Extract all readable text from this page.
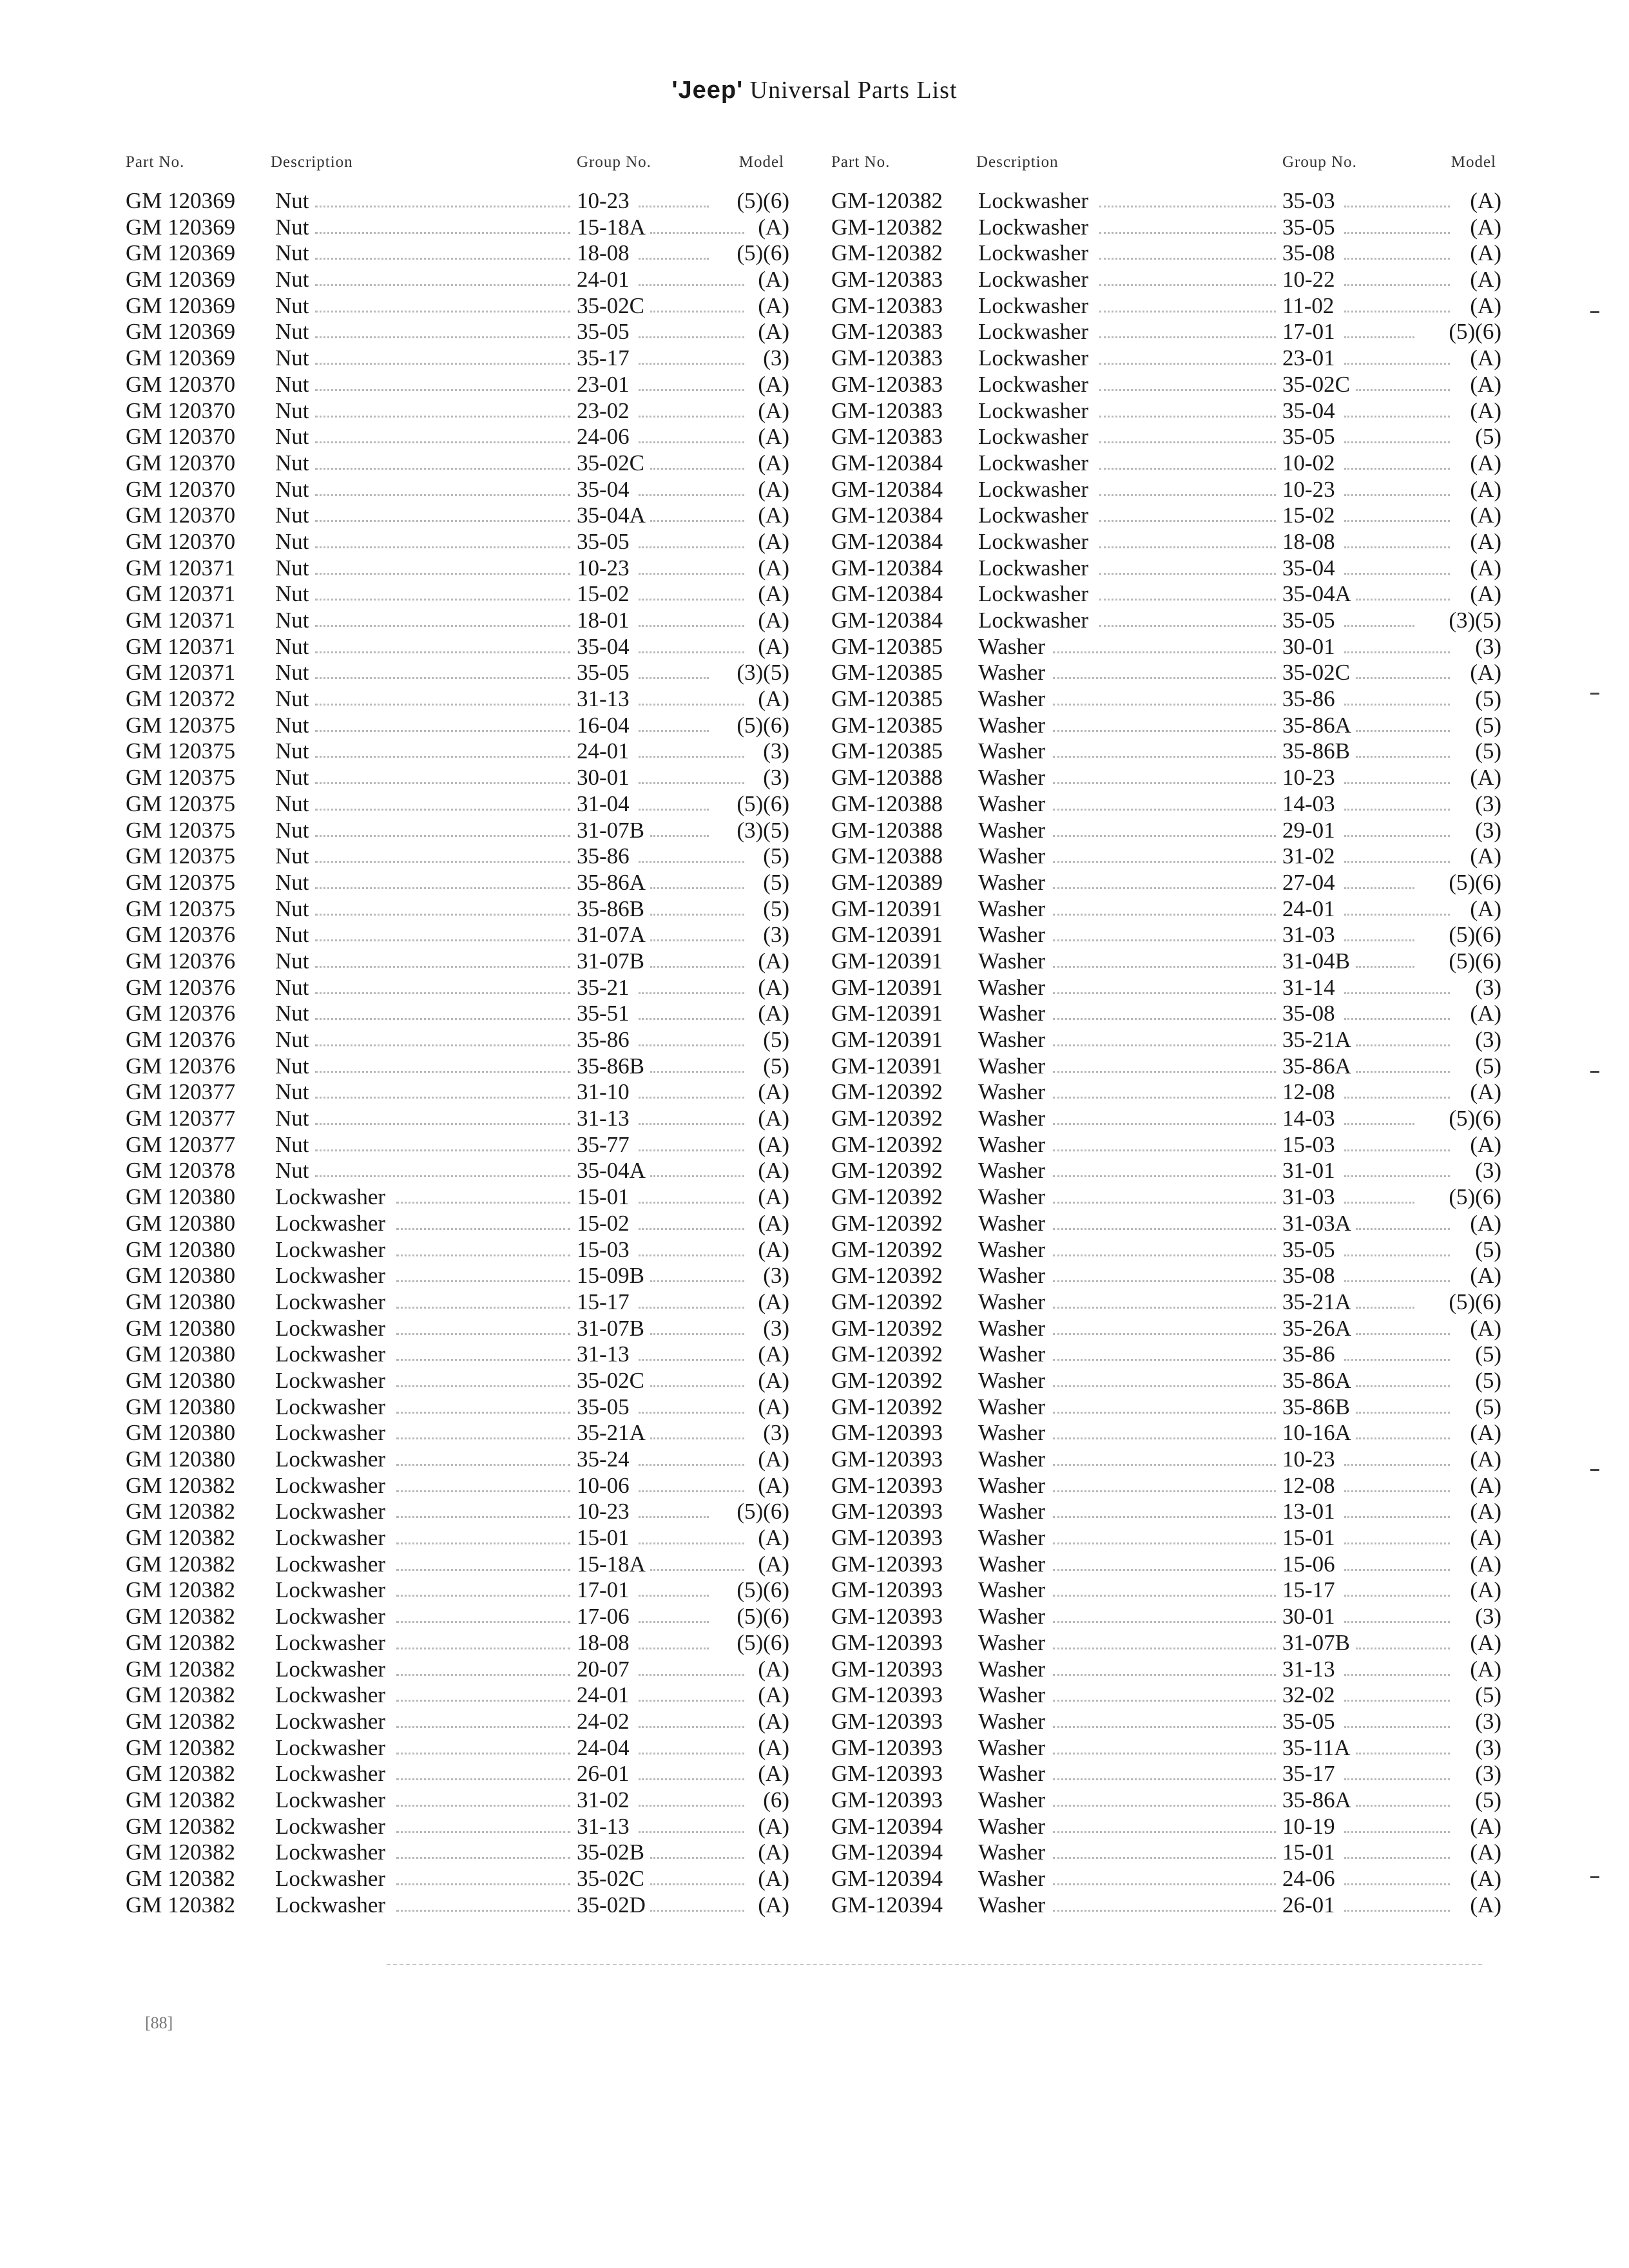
'Jeep' Universal Parts List
Part No.	Description	Group No.	Model
GM 120369 Nut	10-23	(5)(6)
GM 120369 Nut	15-18A	(A)
GM 120369 Nut	18-08	(5)(6)
GM 120369 Nut	24-01	(A)
GM 120369 Nut	35-02C	(A)
GM 120369 Nut	35-05	(A)
GM 120369 Nut	35-17	(3)
GM 120370 Nut	23-01	(A)
GM 120370 Nut	23-02	(A)
GM 120370 Nut	24-06	(A)
GM 120370 Nut	35-02C	(A)
GM 120370 Nut	35-04	(A)
GM 120370 Nut	35-04A	(A)
GM 120370 Nut	35-05	(A)
GM 120371 Nut	10-23	(A)
GM 120371 Nut	15-02	(A)
GM 120371 Nut	18-01	(A)
GM 120371 Nut	35-04	(A)
GM 120371 Nut	35-05	(3)(5)
GM 120372 Nut	31-13	(A)
GM 120375 Nut	16-04	(5)(6)
GM 120375 Nut	24-01	(3)
GM 120375 Nut	30-01	(3)
GM 120375 Nut	31-04	(5)(6)
GM 120375 Nut	31-07B	(3)(5)
GM 120375 Nut	35-86	(5)
GM 120375 Nut	35-86A	(5)
GM 120375 Nut	35-86B	(5)
GM 120376 Nut	31-07A	(3)
GM 120376 Nut	31-07B	(A)
GM 120376 Nut	35-21	(A)
GM 120376 Nut	35-51	(A)
GM 120376 Nut	35-86	(5)
GM 120376 Nut	35-86B	(5)
GM 120377 Nut	31-10	(A)
GM 120377 Nut	31-13	(A)
GM 120377 Nut	35-77	(A)
GM 120378 Nut	35-04A	(A)
GM 120380 Lockwasher	15-01	(A)
GM 120380 Lockwasher	15-02	(A)
GM 120380 Lockwasher	15-03	(A)
GM 120380 Lockwasher	15-09B	(3)
GM 120380 Lockwasher	15-17	(A)
GM 120380 Lockwasher	31-07B	(3)
GM 120380 Lockwasher	31-13	(A)
GM 120380 Lockwasher	35-02C	(A)
GM 120380 Lockwasher	35-05	(A)
GM 120380 Lockwasher	35-21A	(3)
GM 120380 Lockwasher	35-24	(A)
GM 120382 Lockwasher	10-06	(A)
GM 120382 Lockwasher	10-23	(5)(6)
GM 120382 Lockwasher	15-01	(A)
GM 120382 Lockwasher	15-18A	(A)
GM 120382 Lockwasher	17-01	(5)(6)
GM 120382 Lockwasher	17-06	(5)(6)
GM 120382 Lockwasher	18-08	(5)(6)
GM 120382 Lockwasher	20-07	(A)
GM 120382 Lockwasher	24-01	(A)
GM 120382 Lockwasher	24-02	(A)
GM 120382 Lockwasher	24-04	(A)
GM 120382 Lockwasher	26-01	(A)
GM 120382 Lockwasher	31-02	(6)
GM 120382 Lockwasher	31-13	(A)
GM 120382 Lockwasher	35-02B	(A)
GM 120382 Lockwasher	35-02C	(A)
GM 120382 Lockwasher	35-02D	(A)
Part No.	Description	Group No.	Model
GM-120382 Lockwasher	35-03	(A)
GM-120382 Lockwasher	35-05	(A)
GM-120382 Lockwasher	35-08	(A)
GM-120383 Lockwasher	10-22	(A)
GM-120383 Lockwasher	11-02	(A)
GM-120383 Lockwasher	17-01	(5)(6)
GM-120383 Lockwasher	23-01	(A)
GM-120383 Lockwasher	35-02C	(A)
GM-120383 Lockwasher	35-04	(A)
GM-120383 Lockwasher	35-05	(5)
GM-120384 Lockwasher	10-02	(A)
GM-120384 Lockwasher	10-23	(A)
GM-120384 Lockwasher	15-02	(A)
GM-120384 Lockwasher	18-08	(A)
GM-120384 Lockwasher	35-04	(A)
GM-120384 Lockwasher	35-04A	(A)
GM-120384 Lockwasher	35-05	(3)(5)
GM-120385 Washer	30-01	(3)
GM-120385 Washer	35-02C	(A)
GM-120385 Washer	35-86	(5)
GM-120385 Washer	35-86A	(5)
GM-120385 Washer	35-86B	(5)
GM-120388 Washer	10-23	(A)
GM-120388 Washer	14-03	(3)
GM-120388 Washer	29-01	(3)
GM-120388 Washer	31-02	(A)
GM-120389 Washer	27-04	(5)(6)
GM-120391 Washer	24-01	(A)
GM-120391 Washer	31-03	(5)(6)
GM-120391 Washer	31-04B	(5)(6)
GM-120391 Washer	31-14	(3)
GM-120391 Washer	35-08	(A)
GM-120391 Washer	35-21A	(3)
GM-120391 Washer	35-86A	(5)
GM-120392 Washer	12-08	(A)
GM-120392 Washer	14-03	(5)(6)
GM-120392 Washer	15-03	(A)
GM-120392 Washer	31-01	(3)
GM-120392 Washer	31-03	(5)(6)
GM-120392 Washer	31-03A	(A)
GM-120392 Washer	35-05	(5)
GM-120392 Washer	35-08	(A)
GM-120392 Washer	35-21A	(5)(6)
GM-120392 Washer	35-26A	(A)
GM-120392 Washer	35-86	(5)
GM-120392 Washer	35-86A	(5)
GM-120392 Washer	35-86B	(5)
GM-120393 Washer	10-16A	(A)
GM-120393 Washer	10-23	(A)
GM-120393 Washer	12-08	(A)
GM-120393 Washer	13-01	(A)
GM-120393 Washer	15-01	(A)
GM-120393 Washer	15-06	(A)
GM-120393 Washer	15-17	(A)
GM-120393 Washer	30-01	(3)
GM-120393 Washer	31-07B	(A)
GM-120393 Washer	31-13	(A)
GM-120393 Washer	32-02	(5)
GM-120393 Washer	35-05	(3)
GM-120393 Washer	35-11A	(3)
GM-120393 Washer	35-17	(3)
GM-120393 Washer	35-86A	(5)
GM-120394 Washer	10-19	(A)
GM-120394 Washer	15-01	(A)
GM-120394 Washer	24-06	(A)
GM-120394 Washer	26-01	(A)
[88]
